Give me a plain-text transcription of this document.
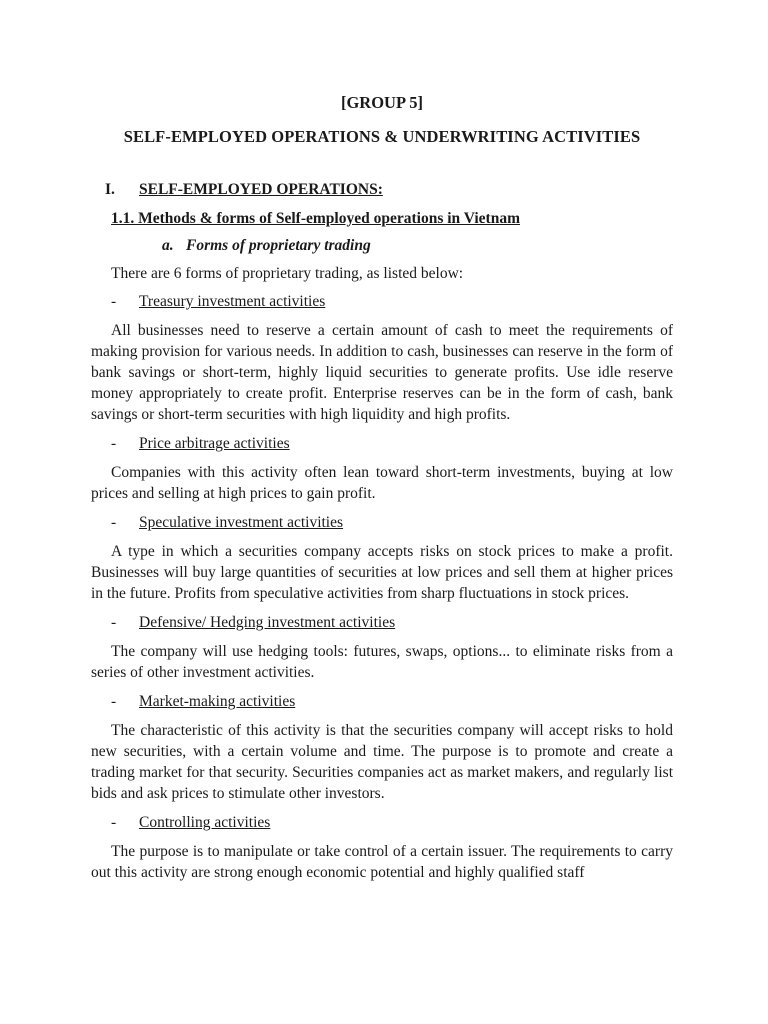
[GROUP 5]
SELF-EMPLOYED OPERATIONS & UNDERWRITING ACTIVITIES
I. SELF-EMPLOYED OPERATIONS:
1.1. Methods & forms of Self-employed operations in Vietnam
a. Forms of proprietary trading
There are 6 forms of proprietary trading, as listed below:
- Treasury investment activities
All businesses need to reserve a certain amount of cash to meet the requirements of making provision for various needs. In addition to cash, businesses can reserve in the form of bank savings or short-term, highly liquid securities to generate profits. Use idle reserve money appropriately to create profit. Enterprise reserves can be in the form of cash, bank savings or short-term securities with high liquidity and high profits.
- Price arbitrage activities
Companies with this activity often lean toward short-term investments, buying at low prices and selling at high prices to gain profit.
- Speculative investment activities
A type in which a securities company accepts risks on stock prices to make a profit. Businesses will buy large quantities of securities at low prices and sell them at higher prices in the future. Profits from speculative activities from sharp fluctuations in stock prices.
- Defensive/ Hedging investment activities
The company will use hedging tools: futures, swaps, options... to eliminate risks from a series of other investment activities.
- Market-making activities
The characteristic of this activity is that the securities company will accept risks to hold new securities, with a certain volume and time. The purpose is to promote and create a trading market for that security. Securities companies act as market makers, and regularly list bids and ask prices to stimulate other investors.
- Controlling activities
The purpose is to manipulate or take control of a certain issuer. The requirements to carry out this activity are strong enough economic potential and highly qualified staff
